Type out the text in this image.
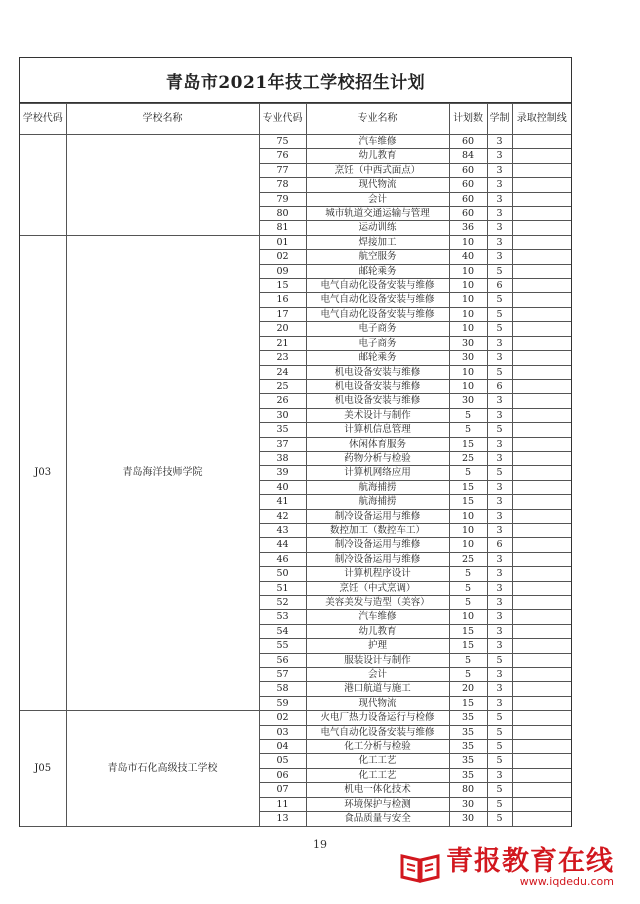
青岛市2021年技工学校招生计划
学校代码	学校名称	专业代码	专业名称	计划数	学制	录取控制线
		75	汽车维修	60	3	
		76	幼儿教育	84	3	
		77	烹饪（中西式面点）	60	3	
		78	现代物流	60	3	
		79	会计	60	3	
		80	城市轨道交通运输与管理	60	3	
		81	运动训练	36	3	
J03	青岛海洋技师学院	01	焊接加工	10	3	
		02	航空服务	40	3	
		09	邮轮乘务	10	5	
		15	电气自动化设备安装与维修	10	6	
		16	电气自动化设备安装与维修	10	5	
		17	电气自动化设备安装与维修	10	5	
		20	电子商务	10	5	
		21	电子商务	30	3	
		23	邮轮乘务	30	3	
		24	机电设备安装与维修	10	5	
		25	机电设备安装与维修	10	6	
		26	机电设备安装与维修	30	3	
		30	美术设计与制作	5	3	
		35	计算机信息管理	5	5	
		37	休闲体育服务	15	3	
		38	药物分析与检验	25	3	
		39	计算机网络应用	5	5	
		40	航海捕捞	15	3	
		41	航海捕捞	15	3	
		42	制冷设备运用与维修	10	3	
		43	数控加工（数控车工）	10	3	
		44	制冷设备运用与维修	10	6	
		46	制冷设备运用与维修	25	3	
		50	计算机程序设计	5	3	
		51	烹饪（中式烹调）	5	3	
		52	美容美发与造型（美容）	5	3	
		53	汽车维修	10	3	
		54	幼儿教育	15	3	
		55	护理	15	3	
		56	服装设计与制作	5	5	
		57	会计	5	3	
		58	港口航道与施工	20	3	
		59	现代物流	15	3	
J05	青岛市石化高级技工学校	02	火电厂热力设备运行与检修	35	5	
		03	电气自动化设备安装与维修	35	5	
		04	化工分析与检验	35	5	
		05	化工工艺	35	5	
		06	化工工艺	35	3	
		07	机电一体化技术	80	5	
		11	环境保护与检测	30	5	
		13	食品质量与安全	30	5	
19
青报教育在线
www.iqdedu.com
